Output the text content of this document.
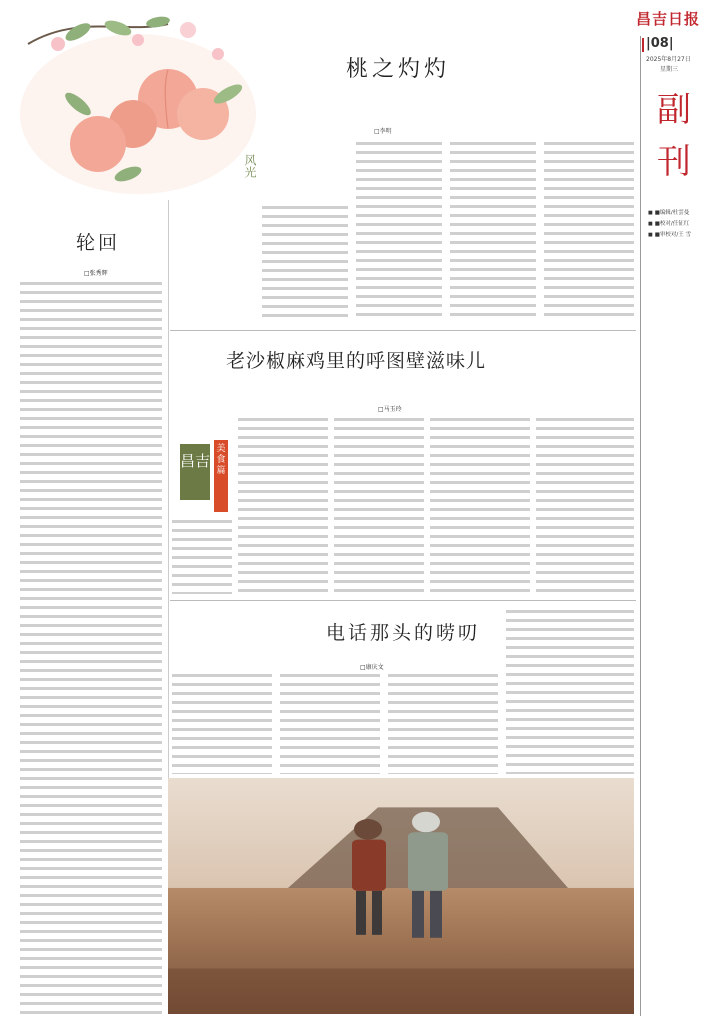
昌吉日报
|08|
2025年8月27日
星期三
副刊
■ ■编辑/杜雲曼
■ ■校对/任征红
■ ■审校对/王 雪
风光
桃之灼灼
□李明
轮回
□张秀辉
老沙椒麻鸡里的呼图壁滋味儿
□马玉玲
电话那头的唠叨
□康庆文
昌吉
美食篇
